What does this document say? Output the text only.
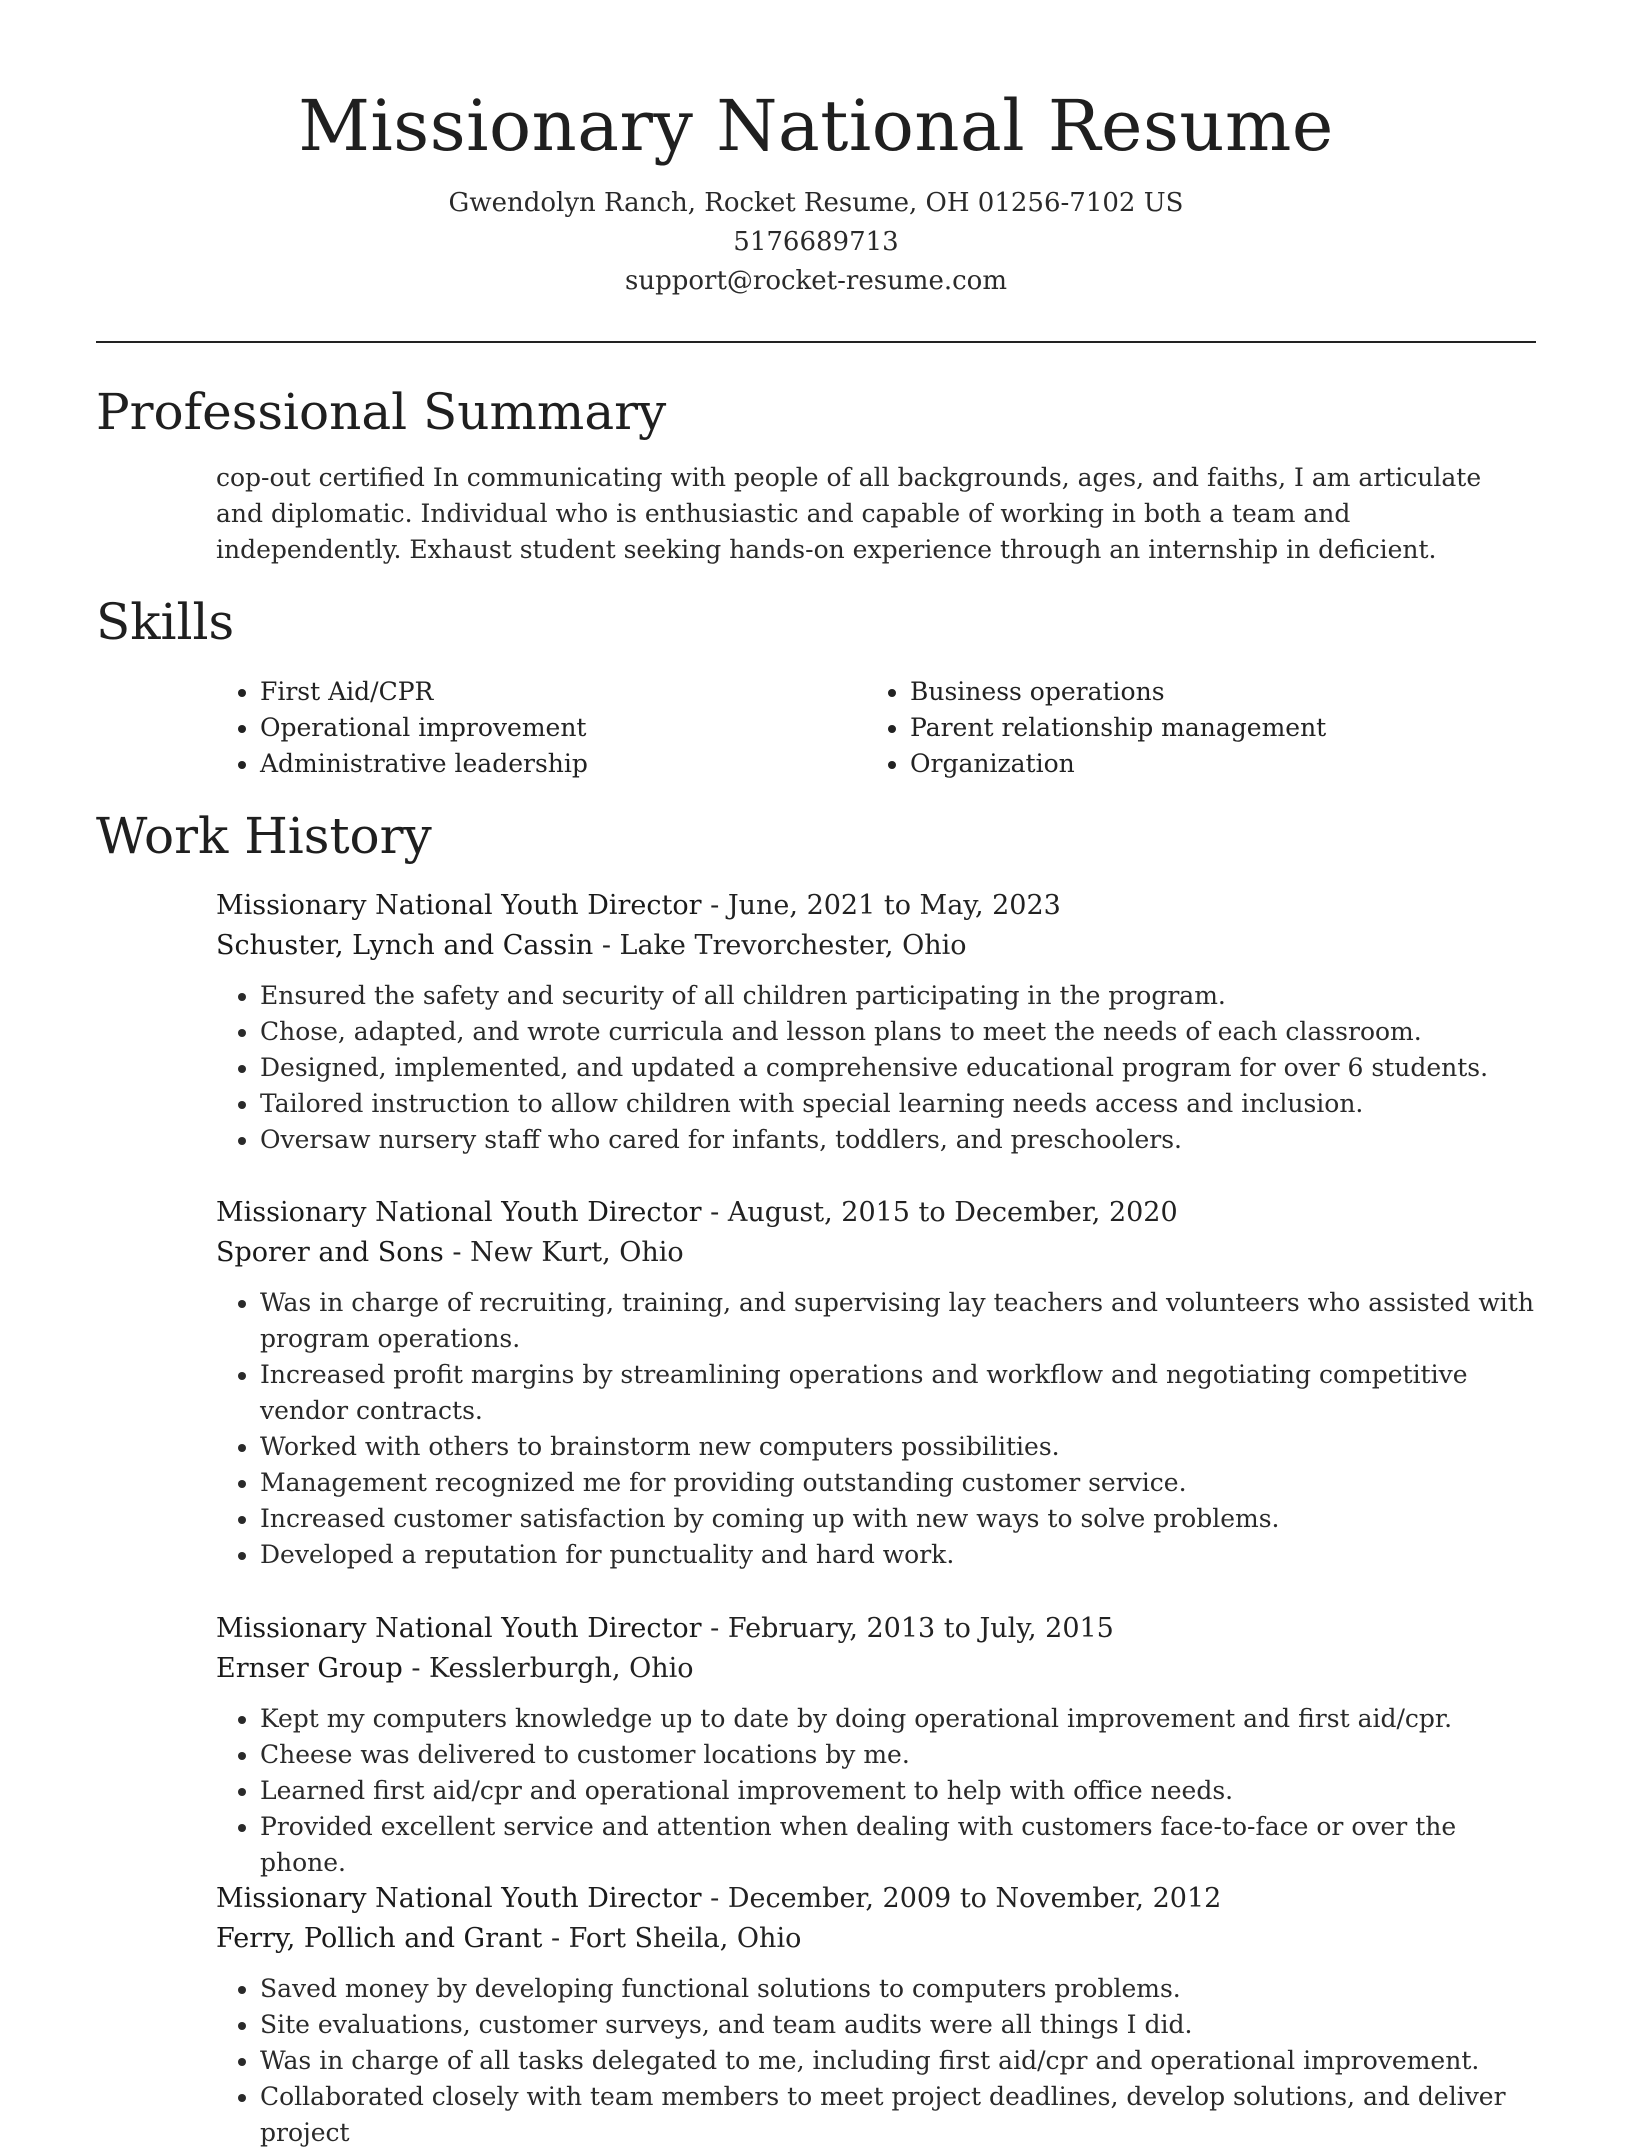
Missionary National Resume
Gwendolyn Ranch, Rocket Resume, OH 01256-7102 US
5176689713
support@rocket-resume.com
Professional Summary
cop-out certified In communicating with people of all backgrounds, ages, and faiths, I am articulate and diplomatic. Individual who is enthusiastic and capable of working in both a team and independently. Exhaust student seeking hands-on experience through an internship in deficient.
Skills
• First Aid/CPR
• Operational improvement
• Administrative leadership
• Business operations
• Parent relationship management
• Organization
Work History
Missionary National Youth Director - June, 2021 to May, 2023
Schuster, Lynch and Cassin - Lake Trevorchester, Ohio
• Ensured the safety and security of all children participating in the program.
• Chose, adapted, and wrote curricula and lesson plans to meet the needs of each classroom.
• Designed, implemented, and updated a comprehensive educational program for over 6 students.
• Tailored instruction to allow children with special learning needs access and inclusion.
• Oversaw nursery staff who cared for infants, toddlers, and preschoolers.
Missionary National Youth Director - August, 2015 to December, 2020
Sporer and Sons - New Kurt, Ohio
• Was in charge of recruiting, training, and supervising lay teachers and volunteers who assisted with program operations.
• Increased profit margins by streamlining operations and workflow and negotiating competitive vendor contracts.
• Worked with others to brainstorm new computers possibilities.
• Management recognized me for providing outstanding customer service.
• Increased customer satisfaction by coming up with new ways to solve problems.
• Developed a reputation for punctuality and hard work.
Missionary National Youth Director - February, 2013 to July, 2015
Ernser Group - Kesslerburgh, Ohio
• Kept my computers knowledge up to date by doing operational improvement and first aid/cpr.
• Cheese was delivered to customer locations by me.
• Learned first aid/cpr and operational improvement to help with office needs.
• Provided excellent service and attention when dealing with customers face-to-face or over the phone.
Missionary National Youth Director - December, 2009 to November, 2012
Ferry, Pollich and Grant - Fort Sheila, Ohio
• Saved money by developing functional solutions to computers problems.
• Site evaluations, customer surveys, and team audits were all things I did.
• Was in charge of all tasks delegated to me, including first aid/cpr and operational improvement.
• Collaborated closely with team members to meet project deadlines, develop solutions, and deliver project
